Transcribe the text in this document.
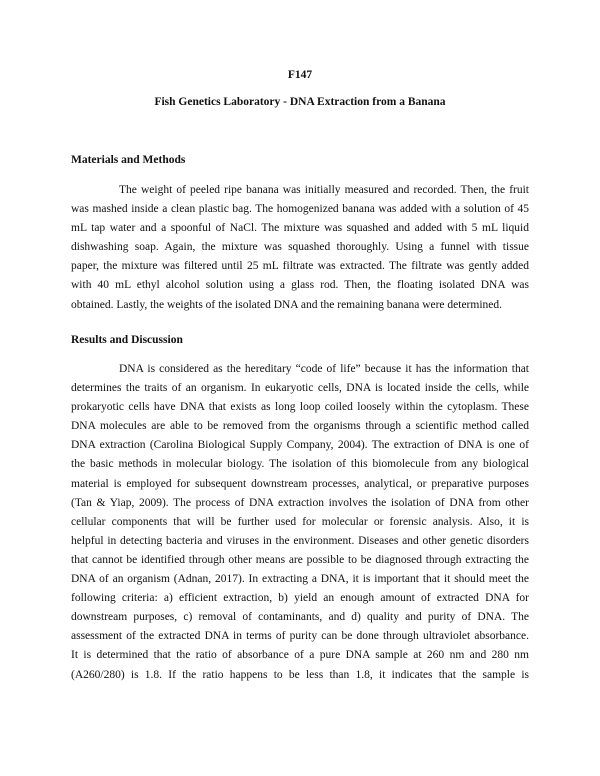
F147
Fish Genetics Laboratory - DNA Extraction from a Banana
Materials and Methods
The weight of peeled ripe banana was initially measured and recorded. Then, the fruit
was mashed inside a clean plastic bag. The homogenized banana was added with a solution of 45
mL tap water and a spoonful of NaCl. The mixture was squashed and added with 5 mL liquid
dishwashing soap. Again, the mixture was squashed thoroughly. Using a funnel with tissue
paper, the mixture was filtered until 25 mL filtrate was extracted. The filtrate was gently added
with 40 mL ethyl alcohol solution using a glass rod. Then, the floating isolated DNA was
obtained. Lastly, the weights of the isolated DNA and the remaining banana were determined.
Results and Discussion
DNA is considered as the hereditary “code of life” because it has the information that
determines the traits of an organism. In eukaryotic cells, DNA is located inside the cells, while
prokaryotic cells have DNA that exists as long loop coiled loosely within the cytoplasm. These
DNA molecules are able to be removed from the organisms through a scientific method called
DNA extraction (Carolina Biological Supply Company, 2004). The extraction of DNA is one of
the basic methods in molecular biology. The isolation of this biomolecule from any biological
material is employed for subsequent downstream processes, analytical, or preparative purposes
(Tan & Yiap, 2009). The process of DNA extraction involves the isolation of DNA from other
cellular components that will be further used for molecular or forensic analysis. Also, it is
helpful in detecting bacteria and viruses in the environment. Diseases and other genetic disorders
that cannot be identified through other means are possible to be diagnosed through extracting the
DNA of an organism (Adnan, 2017). In extracting a DNA, it is important that it should meet the
following criteria: a) efficient extraction, b) yield an enough amount of extracted DNA for
downstream purposes, c) removal of contaminants, and d) quality and purity of DNA. The
assessment of the extracted DNA in terms of purity can be done through ultraviolet absorbance.
It is determined that the ratio of absorbance of a pure DNA sample at 260 nm and 280 nm
(A260/280) is 1.8. If the ratio happens to be less than 1.8, it indicates that the sample is
